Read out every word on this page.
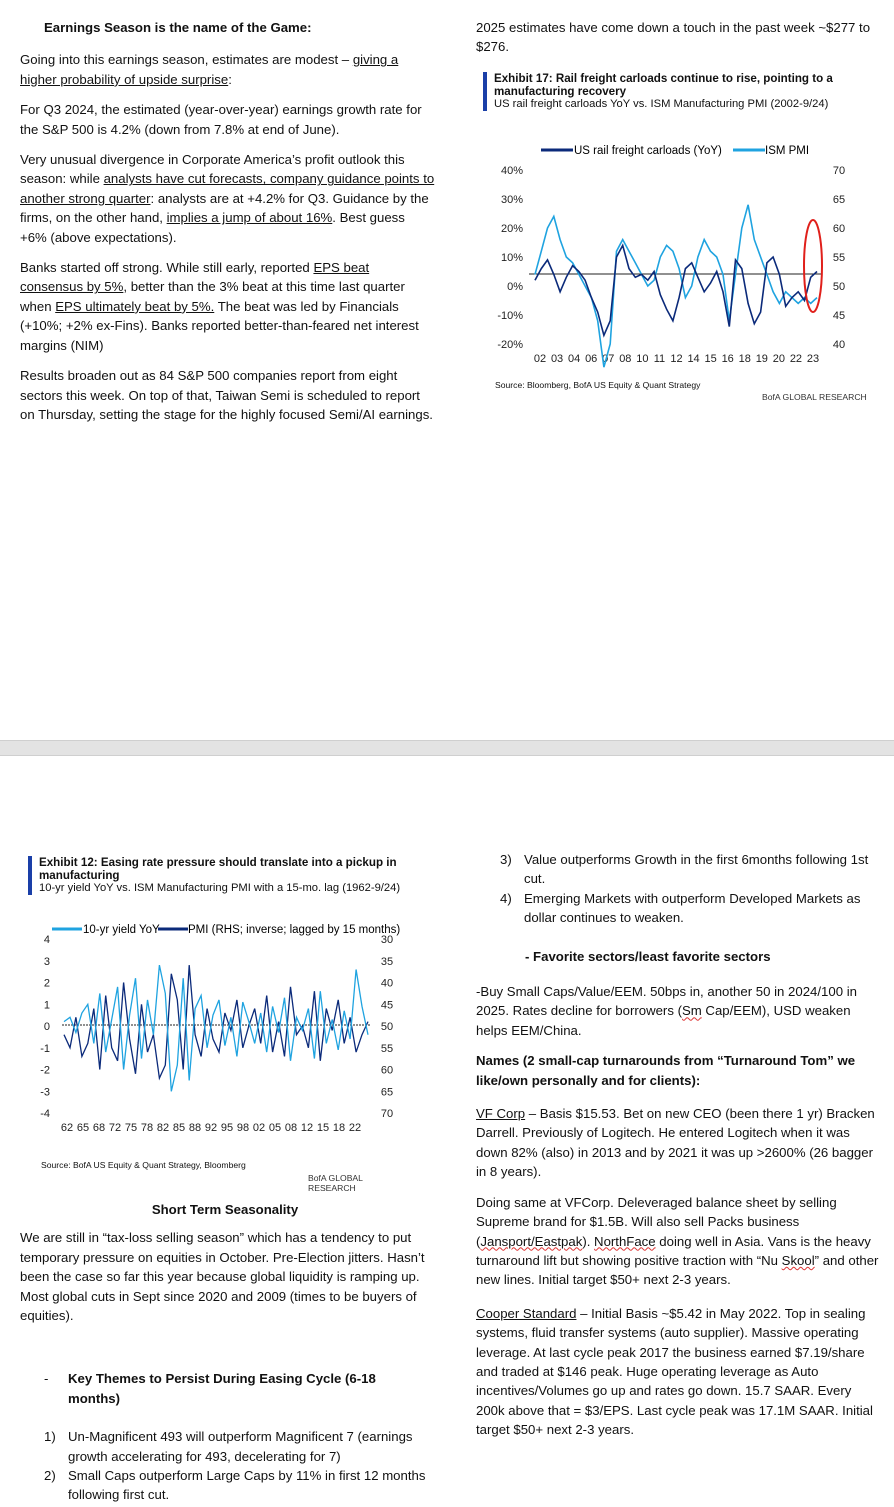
Earnings Season is the name of the Game:

Going into this earnings season, estimates are modest – giving a higher probability of upside surprise:

For Q3 2024, the estimated (year-over-year) earnings growth rate for the S&P 500 is 4.2% (down from 7.8% at end of June).

Very unusual divergence in Corporate America’s profit outlook this season: while analysts have cut forecasts, company guidance points to another strong quarter: analysts are at +4.2% for Q3. Guidance by the firms, on the other hand, implies a jump of about 16%. Best guess +6% (above expectations).

Banks started off strong. While still early, reported EPS beat consensus by 5%, better than the 3% beat at this time last quarter when EPS ultimately beat by 5%. The beat was led by Financials (+10%; +2% ex-Fins). Banks reported better-than-feared net interest margins (NIM)

Results broaden out as 84 S&P 500 companies report from eight sectors this week. On top of that, Taiwan Semi is scheduled to report on Thursday, setting the stage for the highly focused Semi/AI earnings.

2025 estimates have come down a touch in the past week ~$277 to $276.

Exhibit 17: Rail freight carloads continue to rise, pointing to a manufacturing recovery
US rail freight carloads YoY vs. ISM Manufacturing PMI (2002-9/24)
40%
30%
20%
10%
0%
-10%
-20%
70
65
60
55
50
45
40
02 03 04 06 07 08 10 11 12 14 15 16 18 19 20 22 23
US rail freight carloads (YoY)	ISM PMI
Source: Bloomberg, BofA US Equity & Quant Strategy
BofA GLOBAL RESEARCH
Exhibit 12: Easing rate pressure should translate into a pickup in manufacturing
10-yr yield YoY vs. ISM Manufacturing PMI with a 15-mo. lag (1962-9/24)
4
3
2
1
0
-1
-2
-3
-4
30
35
40
45
50
55
60
65
70
62 65 68 72 75 78 82 85 88 92 95 98 02 05 08 12 15 18 22
10-yr yield YoY PMI (RHS; inverse; lagged by 15 months)
Source: BofA US Equity & Quant Strategy, Bloomberg
BofA GLOBAL RESEARCH

Short Term Seasonality

We are still in “tax-loss selling season” which has a tendency to put temporary pressure on equities in October. Pre-Election jitters. Hasn’t been the case so far this year because global liquidity is ramping up. Most global cuts in Sept since 2020 and 2009 (times to be buyers of equities).

- Key Themes to Persist During Easing Cycle (6-18 months)

1) Un-Magnificent 493 will outperform Magnificent 7 (earnings growth accelerating for 493, decelerating for 7)
2) Small Caps outperform Large Caps by 11% in first 12 months following first cut.
3) Value outperforms Growth in the first 6months following 1st cut.
4) Emerging Markets with outperform Developed Markets as dollar continues to weaken.

- Favorite sectors/least favorite sectors

-Buy Small Caps/Value/EEM. 50bps in, another 50 in 2024/100 in 2025. Rates decline for borrowers (Sm Cap/EEM), USD weaken helps EEM/China.

Names (2 small-cap turnarounds from “Turnaround Tom” we like/own personally and for clients):

VF Corp – Basis $15.53. Bet on new CEO (been there 1 yr) Bracken Darrell. Previously of Logitech. He entered Logitech when it was down 82% (also) in 2013 and by 2021 it was up >2600% (26 bagger in 8 years).

Doing same at VFCorp. Deleveraged balance sheet by selling Supreme brand for $1.5B. Will also sell Packs business (Jansport/Eastpak). NorthFace doing well in Asia. Vans is the heavy turnaround lift but showing positive traction with “Nu Skool” and other new lines. Initial target $50+ next 2-3 years.

Cooper Standard – Initial Basis ~$5.42 in May 2022. Top in sealing systems, fluid transfer systems (auto supplier). Massive operating leverage. At last cycle peak 2017 the business earned $7.19/share and traded at $146 peak. Huge operating leverage as Auto incentives/Volumes go up and rates go down. 15.7 SAAR. Every 200k above that = $3/EPS. Last cycle peak was 17.1M SAAR. Initial target $50+ next 2-3 years.
